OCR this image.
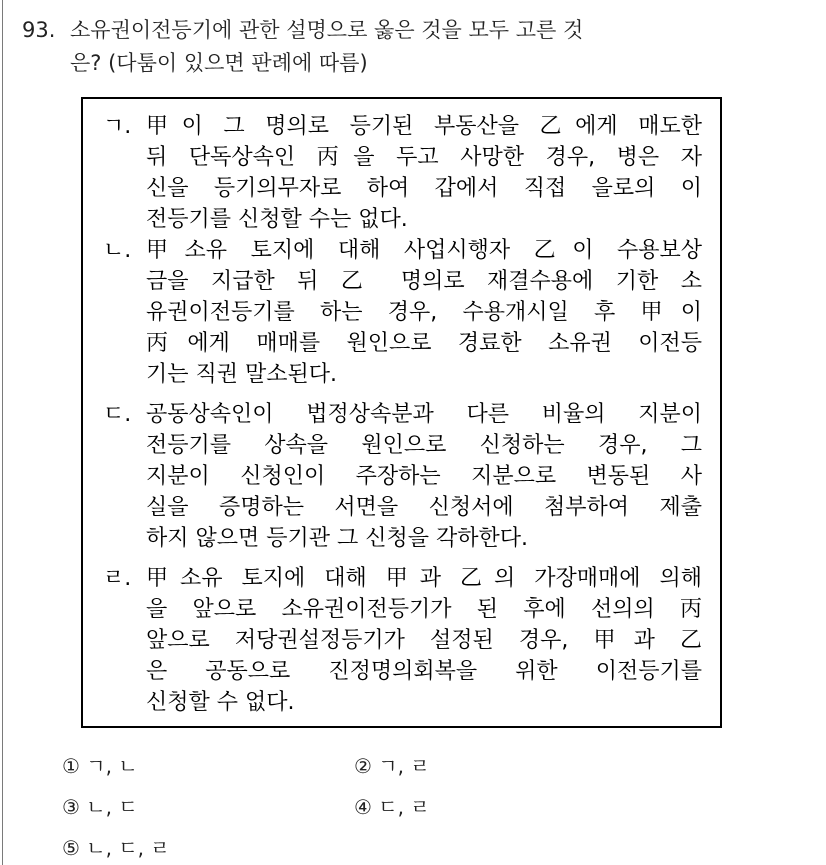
93. 소유권이전등기에 관한 설명으로 옳은 것을 모두 고른 것
은? (다툼이 있으면 판례에 따름)
ㄱ. 甲이 그 명의로 등기된 부동산을 乙에게 매도한
뒤 단독상속인 丙을 두고 사망한 경우, 병은 자
신을 등기의무자로 하여 갑에서 직접 을로의 이
전등기를 신청할 수는 없다.
ㄴ. 甲소유 토지에 대해 사업시행자 乙이 수용보상
금을 지급한 뒤 乙 명의로 재결수용에 기한 소
유권이전등기를 하는 경우, 수용개시일 후 甲이
丙에게 매매를 원인으로 경료한 소유권 이전등
기는 직권 말소된다.
ㄷ. 공동상속인이 법정상속분과 다른 비율의 지분이
전등기를 상속을 원인으로 신청하는 경우, 그
지분이 신청인이 주장하는 지분으로 변동된 사
실을 증명하는 서면을 신청서에 첨부하여 제출
하지 않으면 등기관 그 신청을 각하한다.
ㄹ. 甲소유 토지에 대해 甲과 乙의 가장매매에 의해
을 앞으로 소유권이전등기가 된 후에 선의의 丙
앞으로 저당권설정등기가 설정된 경우, 甲과 乙
은 공동으로 진정명의회복을 위한 이전등기를
신청할 수 없다.
① ㄱ, ㄴ	② ㄱ, ㄹ
③ ㄴ, ㄷ	④ ㄷ, ㄹ
⑤ ㄴ, ㄷ, ㄹ
